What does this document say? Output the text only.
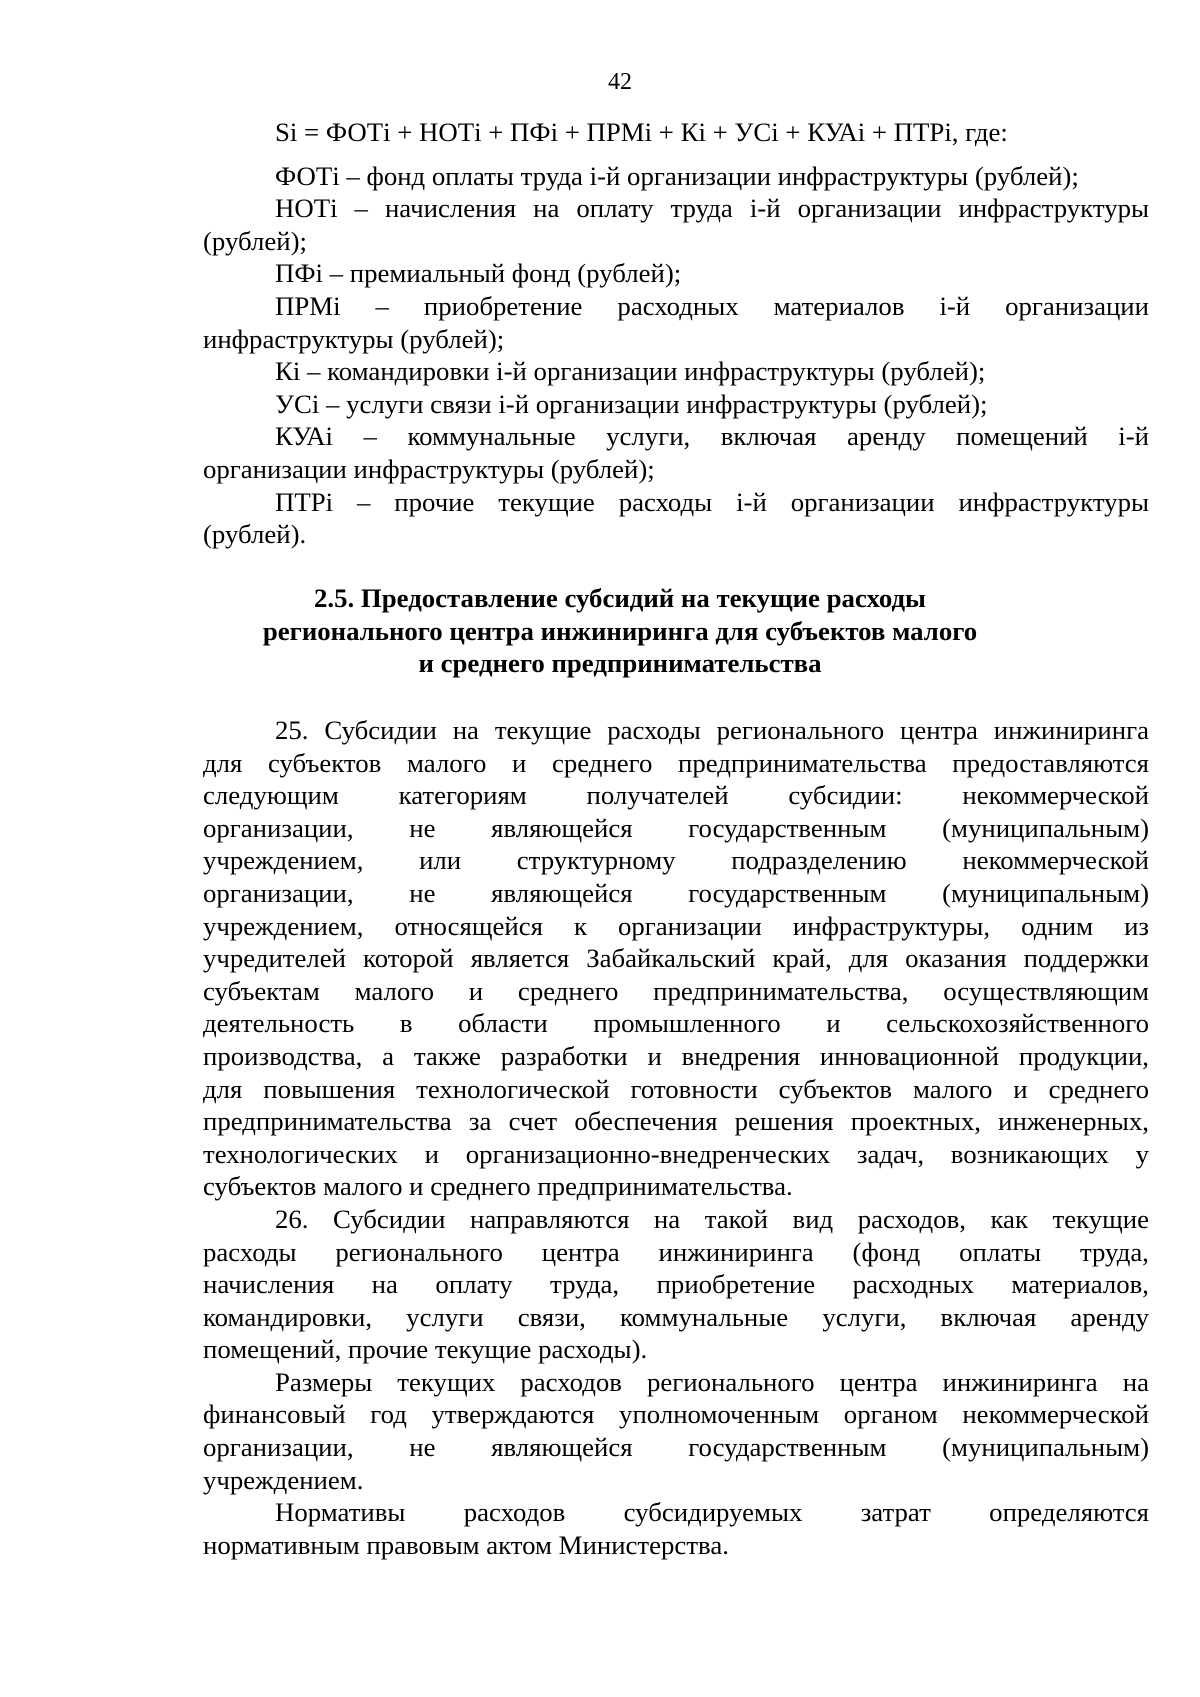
42
Si = ФОТi + НОТi + ПФi + ПРМi + Кi + УСi + КУАi + ПТРi, где:
ФОТi – фонд оплаты труда i-й организации инфраструктуры (рублей);
НОТi – начисления на оплату труда i-й организации инфраструктуры
(рублей);
ПФi – премиальный фонд (рублей);
ПРМi – приобретение расходных материалов i-й организации
инфраструктуры (рублей);
Кi – командировки i-й организации инфраструктуры (рублей);
УСi – услуги связи i-й организации инфраструктуры (рублей);
КУАi – коммунальные услуги, включая аренду помещений i-й
организации инфраструктуры (рублей);
ПТРi – прочие текущие расходы i-й организации инфраструктуры
(рублей).
2.5. Предоставление субсидий на текущие расходы
регионального центра инжиниринга для субъектов малого
и среднего предпринимательства
25. Субсидии на текущие расходы регионального центра инжиниринга
для субъектов малого и среднего предпринимательства предоставляются
следующим категориям получателей субсидии: некоммерческой
организации, не являющейся государственным (муниципальным)
учреждением, или структурному подразделению некоммерческой
организации, не являющейся государственным (муниципальным)
учреждением, относящейся к организации инфраструктуры, одним из
учредителей которой является Забайкальский край, для оказания поддержки
субъектам малого и среднего предпринимательства, осуществляющим
деятельность в области промышленного и сельскохозяйственного
производства, а также разработки и внедрения инновационной продукции,
для повышения технологической готовности субъектов малого и среднего
предпринимательства за счет обеспечения решения проектных, инженерных,
технологических и организационно-внедренческих задач, возникающих у
субъектов малого и среднего предпринимательства.
26. Субсидии направляются на такой вид расходов, как текущие
расходы регионального центра инжиниринга (фонд оплаты труда,
начисления на оплату труда, приобретение расходных материалов,
командировки, услуги связи, коммунальные услуги, включая аренду
помещений, прочие текущие расходы).
Размеры текущих расходов регионального центра инжиниринга на
финансовый год утверждаются уполномоченным органом некоммерческой
организации, не являющейся государственным (муниципальным)
учреждением.
Нормативы расходов субсидируемых затрат определяются
нормативным правовым актом Министерства.
